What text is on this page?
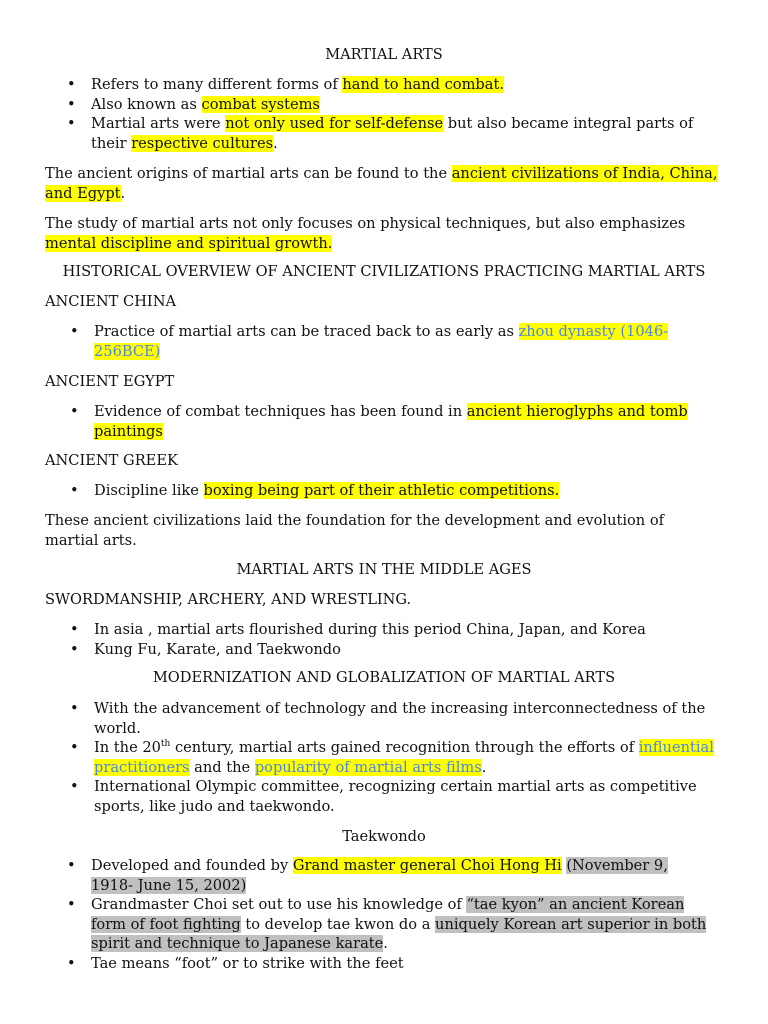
MARTIAL ARTS

• Refers to many different forms of hand to hand combat.
• Also known as combat systems
• Martial arts were not only used for self-defense but also became integral parts of their respective cultures.

The ancient origins of martial arts can be found to the ancient civilizations of India, China, and Egypt.

The study of martial arts not only focuses on physical techniques, but also emphasizes mental discipline and spiritual growth.

HISTORICAL OVERVIEW OF ANCIENT CIVILIZATIONS PRACTICING MARTIAL ARTS

ANCIENT CHINA

• Practice of martial arts can be traced back to as early as zhou dynasty (1046-256BCE)

ANCIENT EGYPT

• Evidence of combat techniques has been found in ancient hieroglyphs and tomb paintings

ANCIENT GREEK

• Discipline like boxing being part of their athletic competitions.

These ancient civilizations laid the foundation for the development and evolution of martial arts.

MARTIAL ARTS IN THE MIDDLE AGES

SWORDMANSHIP, ARCHERY, AND WRESTLING.

• In asia , martial arts flourished during this period China, Japan, and Korea
• Kung Fu, Karate, and Taekwondo

MODERNIZATION AND GLOBALIZATION OF MARTIAL ARTS

• With the advancement of technology and the increasing interconnectedness of the world.
• In the 20th century, martial arts gained recognition through the efforts of influential practitioners and the popularity of martial arts films.
• International Olympic committee, recognizing certain martial arts as competitive sports, like judo and taekwondo.

Taekwondo

• Developed and founded by Grand master general Choi Hong Hi (November 9, 1918- June 15, 2002)
• Grandmaster Choi set out to use his knowledge of “tae kyon” an ancient Korean form of foot fighting to develop tae kwon do a uniquely Korean art superior in both spirit and technique to Japanese karate.
• Tae means “foot” or to strike with the feet
